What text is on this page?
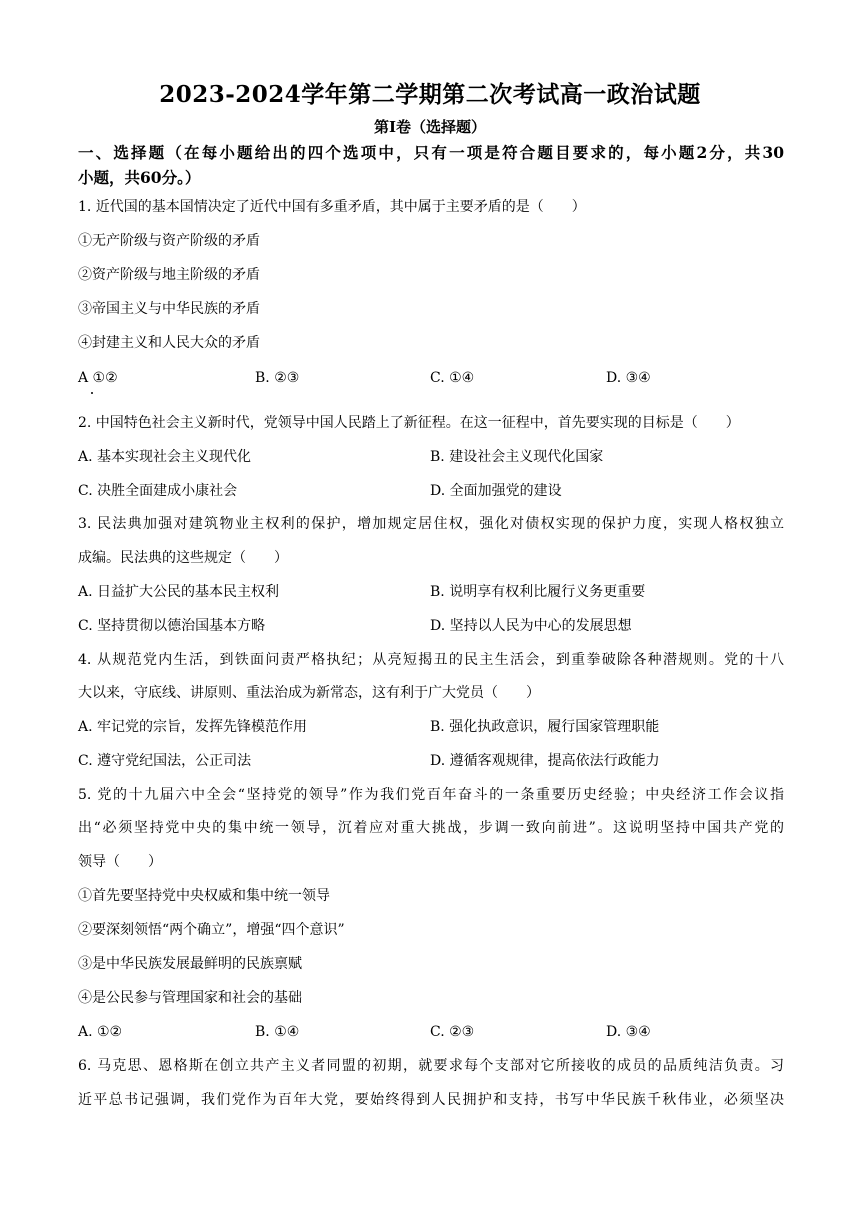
2023-2024学年第二学期第二次考试高一政治试题
第Ⅰ卷（选择题）
一、选择题（在每小题给出的四个选项中，只有一项是符合题目要求的，每小题2分，共30
小题，共60分。）
1. 近代国的基本国情决定了近代中国有多重矛盾，其中属于主要矛盾的是（　　）
①无产阶级与资产阶级的矛盾
②资产阶级与地主阶级的矛盾
③帝国主义与中华民族的矛盾
④封建主义和人民大众的矛盾
A ①②	B. ②③	C. ①④	D. ③④
2. 中国特色社会主义新时代，党领导中国人民踏上了新征程。在这一征程中，首先要实现的目标是（　　）
A. 基本实现社会主义现代化	B. 建设社会主义现代化国家
C. 决胜全面建成小康社会	D. 全面加强党的建设
3. 民法典加强对建筑物业主权利的保护，增加规定居住权，强化对债权实现的保护力度，实现人格权独立
成编。民法典的这些规定（　　）
A. 日益扩大公民的基本民主权利	B. 说明享有权利比履行义务更重要
C. 坚持贯彻以德治国基本方略	D. 坚持以人民为中心的发展思想
4. 从规范党内生活，到铁面问责严格执纪；从亮短揭丑的民主生活会，到重拳破除各种潜规则。党的十八
大以来，守底线、讲原则、重法治成为新常态，这有利于广大党员（　　）
A. 牢记党的宗旨，发挥先锋模范作用	B. 强化执政意识，履行国家管理职能
C. 遵守党纪国法，公正司法	D. 遵循客观规律，提高依法行政能力
5. 党的十九届六中全会“坚持党的领导”作为我们党百年奋斗的一条重要历史经验；中央经济工作会议指
出“必须坚持党中央的集中统一领导，沉着应对重大挑战，步调一致向前进”。这说明坚持中国共产党的
领导（　　）
①首先要坚持党中央权威和集中统一领导
②要深刻领悟“两个确立”，增强“四个意识”
③是中华民族发展最鲜明的民族禀赋
④是公民参与管理国家和社会的基础
A. ①②	B. ①④	C. ②③	D. ③④
6. 马克思、恩格斯在创立共产主义者同盟的初期，就要求每个支部对它所接收的成员的品质纯洁负责。习
近平总书记强调，我们党作为百年大党，要始终得到人民拥护和支持，书写中华民族千秋伟业，必须坚决
